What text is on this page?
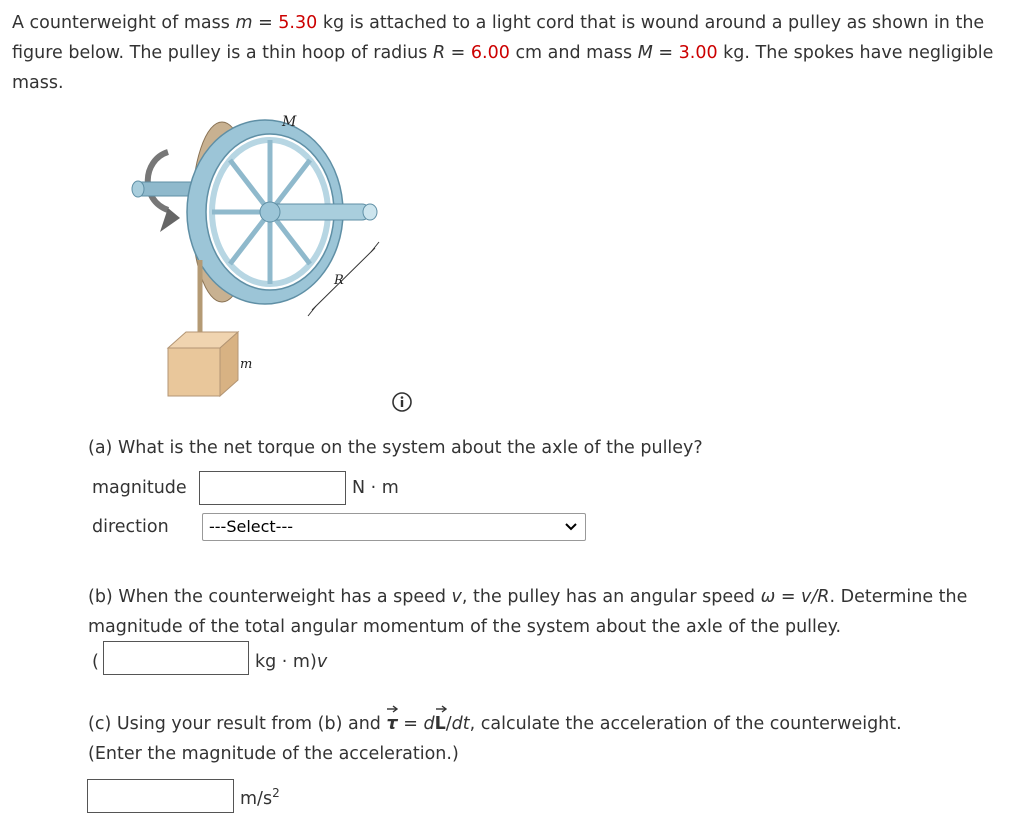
A counterweight of mass m = 5.30 kg is attached to a light cord that is wound around a pulley as shown in the figure below. The pulley is a thin hoop of radius R = 6.00 cm and mass M = 3.00 kg. The spokes have negligible mass.
M
R
m
(a) What is the net torque on the system about the axle of the pulley?
magnitude	N · m
direction	---Select---
(b) When the counterweight has a speed v, the pulley has an angular speed ω = v/R. Determine the magnitude of the total angular momentum of the system about the axle of the pulley.
(	kg · m)v
(c) Using your result from (b) and τ
= dL
/dt, calculate the acceleration of the counterweight.
(Enter the magnitude of the acceleration.)
$m/s^2$
